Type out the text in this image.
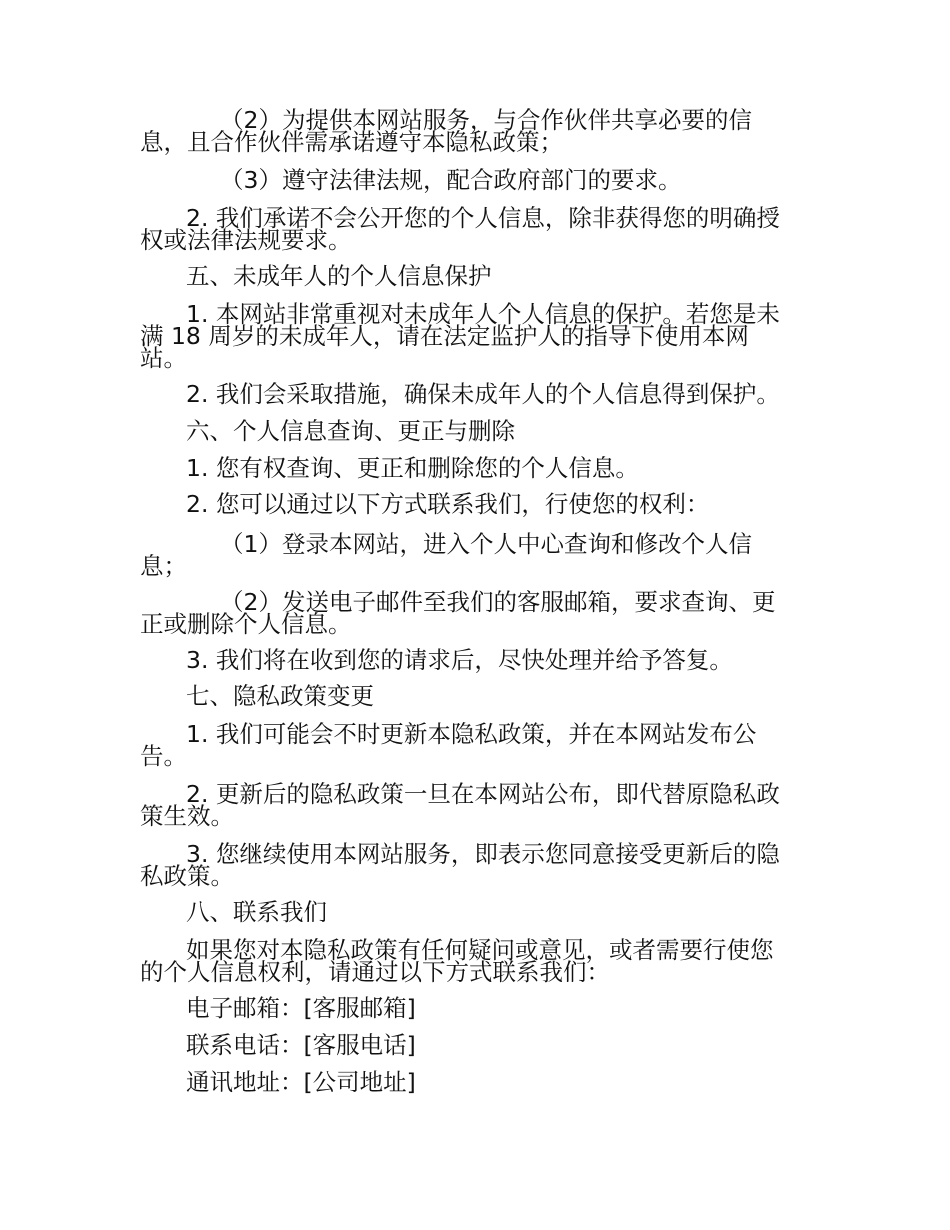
（2）为提供本网站服务，与合作伙伴共享必要的信
息，且合作伙伴需承诺遵守本隐私政策；
（3）遵守法律法规，配合政府部门的要求。
2. 我们承诺不会公开您的个人信息，除非获得您的明确授
权或法律法规要求。
五、未成年人的个人信息保护
1. 本网站非常重视对未成年人个人信息的保护。若您是未
满 18 周岁的未成年人，请在法定监护人的指导下使用本网
站。
2. 我们会采取措施，确保未成年人的个人信息得到保护。
六、个人信息查询、更正与删除
1. 您有权查询、更正和删除您的个人信息。
2. 您可以通过以下方式联系我们，行使您的权利：
（1）登录本网站，进入个人中心查询和修改个人信
息；
（2）发送电子邮件至我们的客服邮箱，要求查询、更
正或删除个人信息。
3. 我们将在收到您的请求后，尽快处理并给予答复。
七、隐私政策变更
1. 我们可能会不时更新本隐私政策，并在本网站发布公
告。
2. 更新后的隐私政策一旦在本网站公布，即代替原隐私政
策生效。
3. 您继续使用本网站服务，即表示您同意接受更新后的隐
私政策。
八、联系我们
如果您对本隐私政策有任何疑问或意见，或者需要行使您
的个人信息权利，请通过以下方式联系我们：
电子邮箱：[客服邮箱]
联系电话：[客服电话]
通讯地址：[公司地址]
